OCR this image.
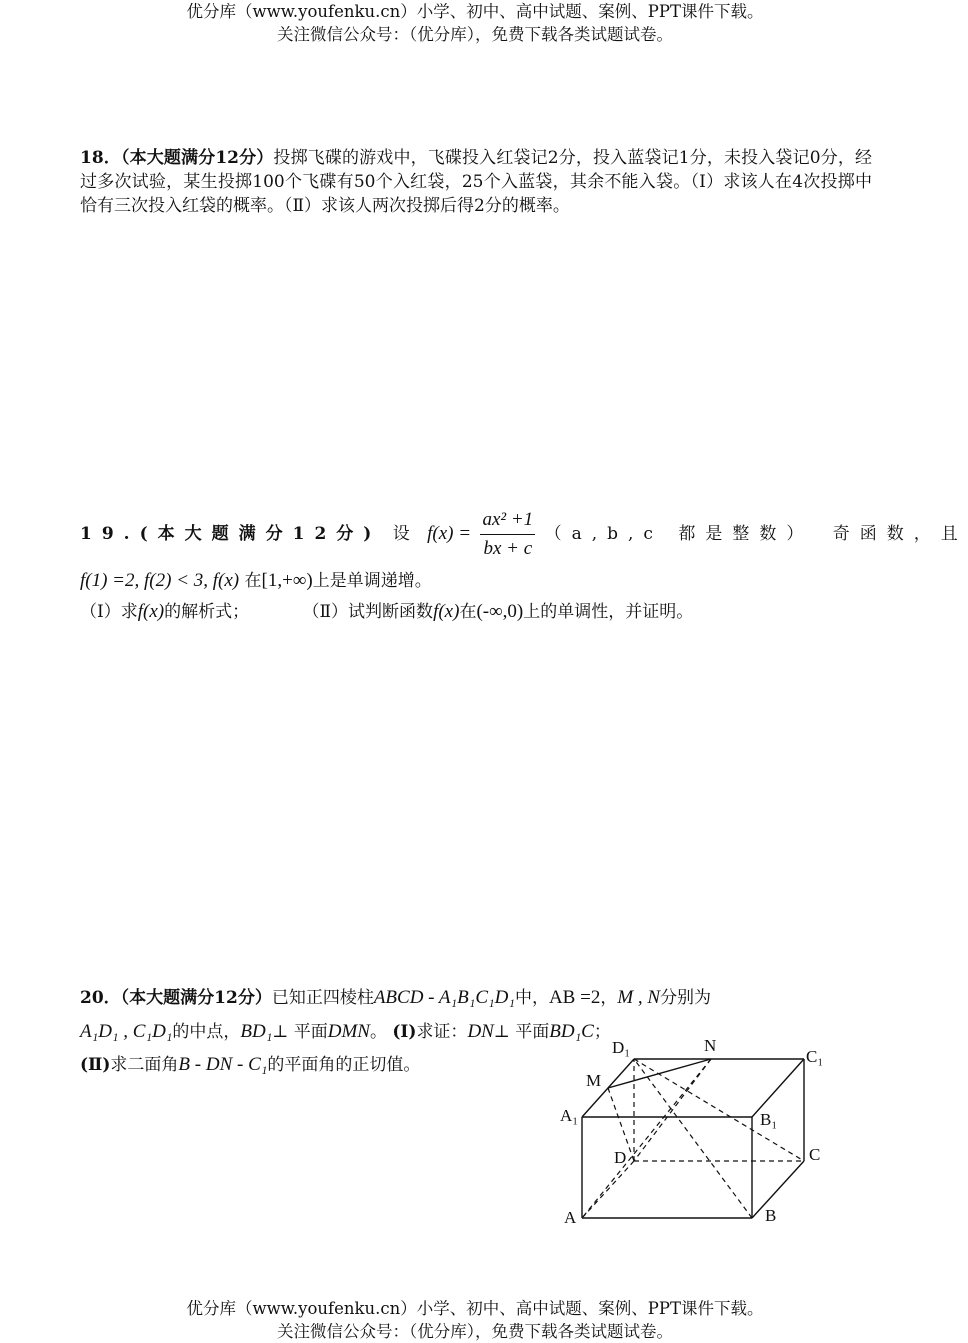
优分库（www.youfenku.cn）小学、初中、高中试题、案例、PPT课件下载。
关注微信公众号：（优分库），免费下载各类试题试卷。
18．（本大题满分12分）投掷飞碟的游戏中，飞碟投入红袋记2分，投入蓝袋记1分，未投入袋记0分，经过多次试验，某生投掷100个飞碟有50个入红袋，25个入蓝袋，其余不能入袋。（Ⅰ）求该人在4次投掷中恰有三次投入红袋的概率。（Ⅱ）求该人两次投掷后得2分的概率。
19.(本大题满分12分) 设 $f(x) = \frac{\text{ax² +1}}{bx + c} (a,b,c$ 都是整数） 奇函数，且
f(1) =2, f(2) < 3, f(x) 在[1,+∞)上是单调递增。
（Ⅰ）求f(x)的解析式；	（Ⅱ）试判断函数f(x)在(-∞,0)上的单调性，并证明。
20．（本大题满分12分）已知正四棱柱ABCD - A₁B₁C₁D₁中，AB =2，M , N分别为
A₁D₁ , C₁D₁的中点，BD₁⊥ 平面DMN。 (Ⅰ)求证：DN⊥ 平面BD₁C；
(Ⅱ)求二面角B - DN - C₁的平面角的正切值。
A	B
C
D
A₁	B₁
C₁
D₁
M
N
优分库（www.youfenku.cn）小学、初中、高中试题、案例、PPT课件下载。
关注微信公众号：（优分库），免费下载各类试题试卷。
